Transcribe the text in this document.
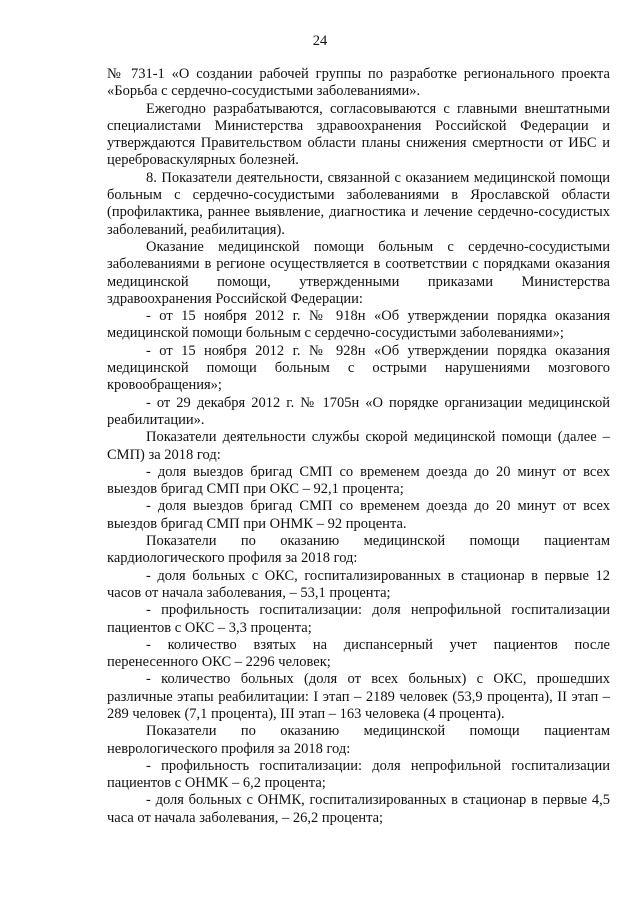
24

№ 731-1 «О создании рабочей группы по разработке регионального проекта «Борьба с сердечно-сосудистыми заболеваниями».

Ежегодно разрабатываются, согласовываются с главными внештатными специалистами Министерства здравоохранения Российской Федерации и утверждаются Правительством области планы снижения смертности от ИБС и цереброваскулярных болезней.

8. Показатели деятельности, связанной с оказанием медицинской помощи больным с сердечно-сосудистыми заболеваниями в Ярославской области (профилактика, раннее выявление, диагностика и лечение сердечно-сосудистых заболеваний, реабилитация).

Оказание медицинской помощи больным с сердечно-сосудистыми заболеваниями в регионе осуществляется в соответствии с порядками оказания медицинской помощи, утвержденными приказами Министерства здравоохранения Российской Федерации:

- от 15 ноября 2012 г. № 918н «Об утверждении порядка оказания медицинской помощи больным с сердечно-сосудистыми заболеваниями»;

- от 15 ноября 2012 г. № 928н «Об утверждении порядка оказания медицинской помощи больным с острыми нарушениями мозгового кровообращения»;

- от 29 декабря 2012 г. № 1705н «О порядке организации медицинской реабилитации».

Показатели деятельности службы скорой медицинской помощи (далее – СМП) за 2018 год:

- доля выездов бригад СМП со временем доезда до 20 минут от всех выездов бригад СМП при ОКС – 92,1 процента;

- доля выездов бригад СМП со временем доезда до 20 минут от всех выездов бригад СМП при ОНМК – 92 процента.

Показатели по оказанию медицинской помощи пациентам кардиологического профиля за 2018 год:

- доля больных с ОКС, госпитализированных в стационар в первые 12 часов от начала заболевания, – 53,1 процента;

- профильность госпитализации: доля непрофильной госпитализации пациентов с ОКС – 3,3 процента;

- количество взятых на диспансерный учет пациентов после перенесенного ОКС – 2296 человек;

- количество больных (доля от всех больных) с ОКС, прошедших различные этапы реабилитации: I этап – 2189 человек (53,9 процента), II этап – 289 человек (7,1 процента), III этап – 163 человека (4 процента).

Показатели по оказанию медицинской помощи пациентам неврологического профиля за 2018 год:

- профильность госпитализации: доля непрофильной госпитализации пациентов с ОНМК – 6,2 процента;

- доля больных с ОНМК, госпитализированных в стационар в первые 4,5 часа от начала заболевания, – 26,2 процента;
